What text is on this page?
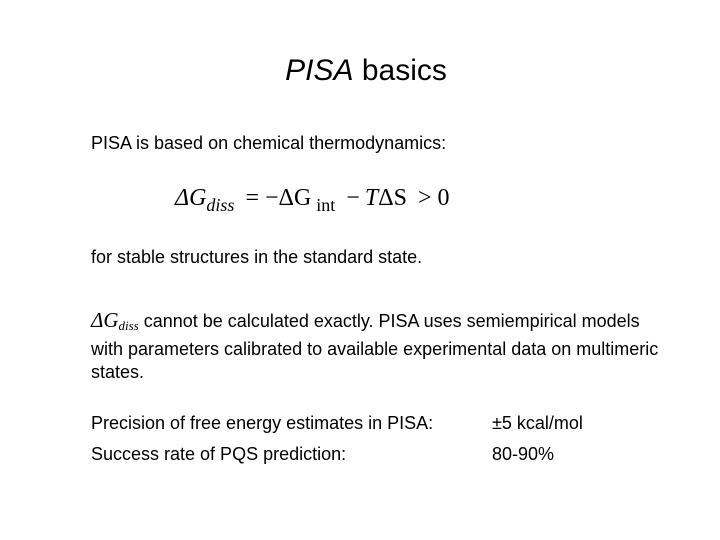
PISA basics
PISA is based on chemical thermodynamics:
$\Delta G_{diss} = -\Delta G$ $_{int}$ − TΔS > 0
for stable structures in the standard state.
$\Delta G_{diss}$ cannot be calculated exactly. PISA uses semiempirical models with parameters calibrated to available experimental data on multimeric states.
Precision of free energy estimates in PISA:	±5 kcal/mol
Success rate of PQS prediction:	80-90%
